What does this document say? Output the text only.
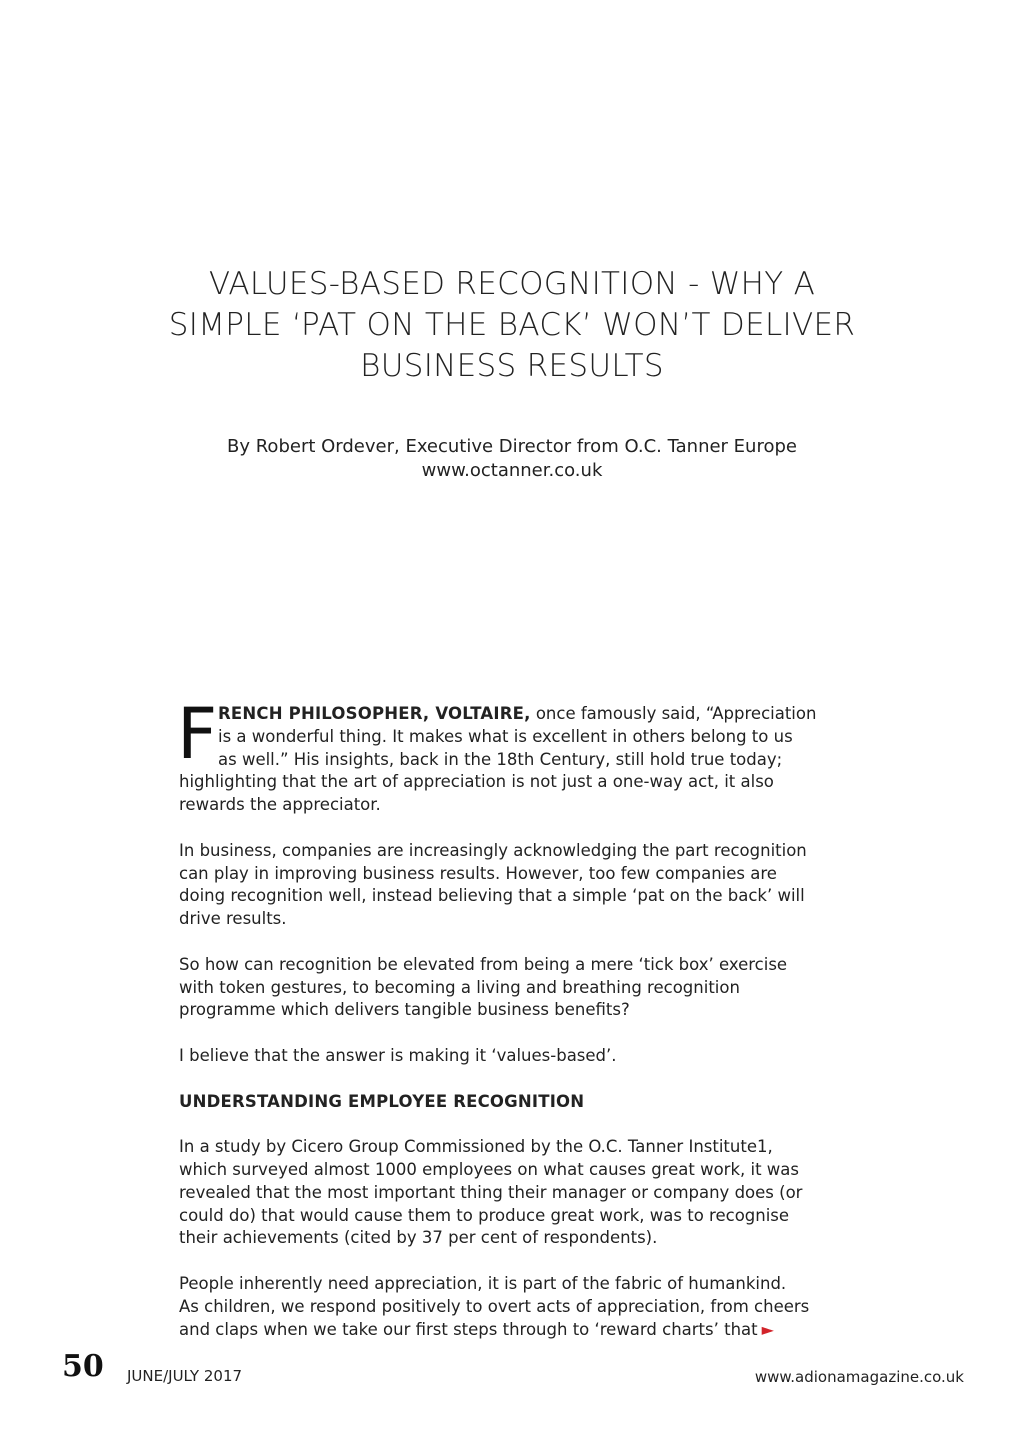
VALUES-BASED RECOGNITION - WHY A
SIMPLE ‘PAT ON THE BACK’ WON’T DELIVER
BUSINESS RESULTS
By Robert Ordever, Executive Director from O.C. Tanner Europe
www.octanner.co.uk
F RENCH PHILOSOPHER, VOLTAIRE, once famously said, “Appreciation
is a wonderful thing. It makes what is excellent in others belong to us
as well.” His insights, back in the 18th Century, still hold true today;
highlighting that the art of appreciation is not just a one-way act, it also
rewards the appreciator.
In business, companies are increasingly acknowledging the part recognition
can play in improving business results. However, too few companies are
doing recognition well, instead believing that a simple ‘pat on the back’ will
drive results.
So how can recognition be elevated from being a mere ‘tick box’ exercise
with token gestures, to becoming a living and breathing recognition
programme which delivers tangible business benefits?
I believe that the answer is making it ‘values-based’.
UNDERSTANDING EMPLOYEE RECOGNITION
In a study by Cicero Group Commissioned by the O.C. Tanner Institute1,
which surveyed almost 1000 employees on what causes great work, it was
revealed that the most important thing their manager or company does (or
could do) that would cause them to produce great work, was to recognise
their achievements (cited by 37 per cent of respondents).
People inherently need appreciation, it is part of the fabric of humankind.
As children, we respond positively to overt acts of appreciation, from cheers
and claps when we take our first steps through to ‘reward charts’ that ►
50 JUNE/JULY 2017	www.adionamagazine.co.uk
